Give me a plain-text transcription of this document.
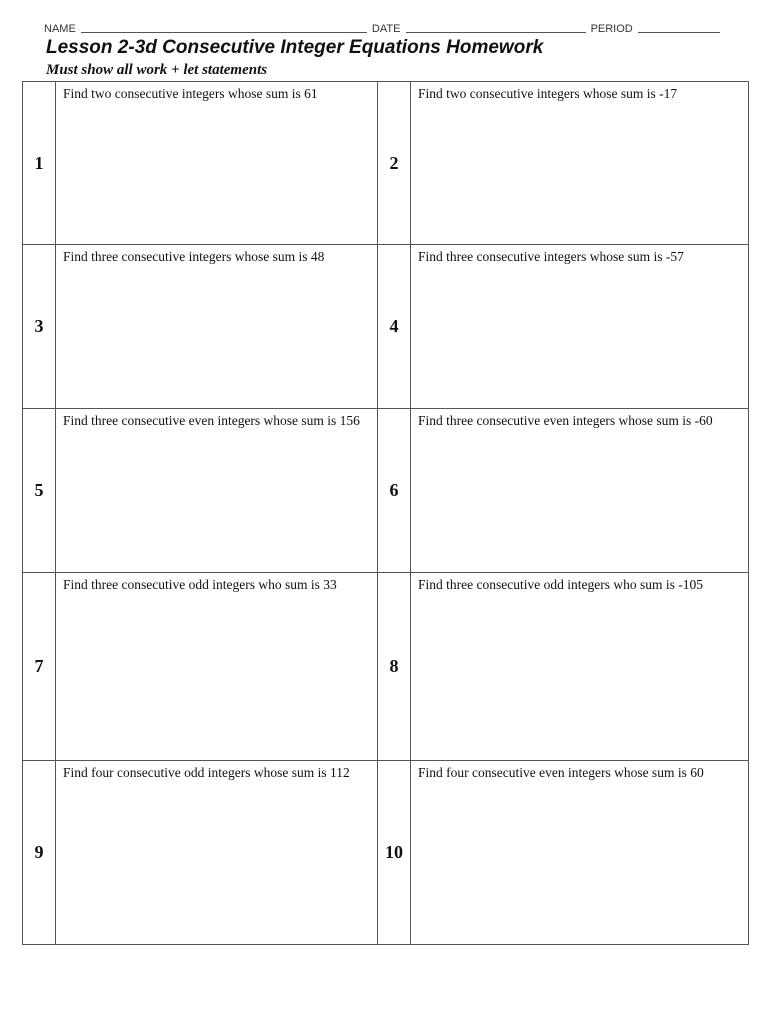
NAME	DATE	PERIOD
Lesson 2-3d Consecutive Integer Equations Homework
Must show all work + let statements
1	Find two consecutive integers whose sum is 61	2	Find two consecutive integers whose sum is -17
3	Find three consecutive integers whose sum is 48	4	Find three consecutive integers whose sum is -57
5	Find three consecutive even integers whose sum is 156	6	Find three consecutive even integers whose sum is -60
7	Find three consecutive odd integers who sum is 33	8	Find three consecutive odd integers who sum is -105
9	Find four consecutive odd integers whose sum is 112	10	Find four consecutive even integers whose sum is 60
